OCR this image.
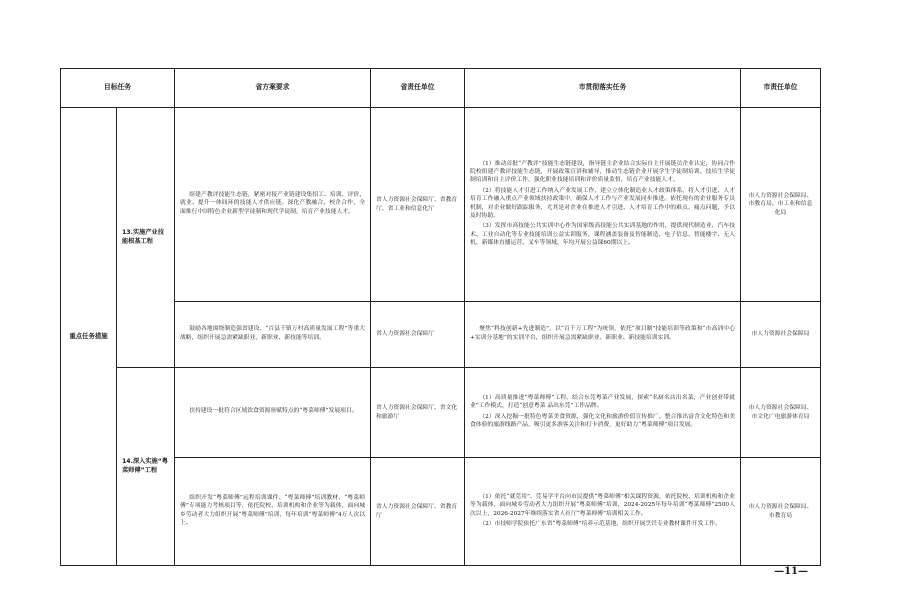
目标任务		省方案要求	省责任单位	市贯彻落实任务	市责任单位
重点任务措施	13.实施产业技能根基工程	组建产教评技能生态链，紧密对接产业链建设集招工、培训、评价、就业、提升一体间环的技能人才供应链。深化产教融合、校企合作，全面推行中国特色企业新型学徒制和现代学徒制，培育产业技能人才。	省人力资源社会保障厅、省教育厅、省工业和信息化厅	（1）推动首批“产教评”技能生态链建设，指导链主企业结合实际自主开展链员企业认定，协同合作院校组建产教评技能生态链，开展政策宣讲和辅导，推动生态链企业开展学生学徒制培训、技培生学徒制培训和自主评价工作，强化职业技能培训和评价质量监督，培育产业技能人才。

（2）将技能人才引进工作纳入产业发展工作，建立立体化制造业人才政策体系，将人才引进、人才培育工作融入重点产业领域扶持政策中，确保人才工作与产业发展同步推进。依托现有的企业服务专员机制，对企业做好跟踪服务，尤其是对企业在推进人才引进、人才培育工作中的难点、痛点问题，予以及时协助。

（3）发挥市高技能公共实训中心作为国家级高技能公共实训基地的作用，提供现代制造业、汽车技术、工业自动化等专业技能培训公益实训服务，课程涵盖装备及智能制造、电子信息、智能楼宇、无人机、新媒体直播运营、叉车等领域，年均开展公益课60期以上。	市人力资源社会保障局、市教育局、市工业和信息化局

		鼓励各地围绕制造强省建设、“百县千镇万村高质量发展工程”等重大战略，组织开展急需紧缺职业、新职业、新技能等培训。	省人力资源社会保障厅	聚焦“科技创新+先进制造”，以“百千万工程”为统领，依托“项目制”技能培训等政策和“市高训中心+实训分基地”的实训平台，组织开展急需紧缺职业、新职业、新技能培训实训。	市人力资源社会保障局
	14.深入实施“粤菜师傅”工程	扶持建设一批符合区域饮食资源禀赋特点的“粤菜师傅”发展项目。	省人力资源社会保障厅、省文化和旅游厅	（1）高质量推进“粤菜师傅”工程。结合东莞粤菜产业发展，探索“名厨名店出名菜，产业创业带就业”工作模式，打造“创意粤菜 品出东莞”工作品牌。

（2）深入挖掘一批特色粤菜美食资源，强化文化和旅游价值宣传推广，整合推出富含文化特色和美食体验的旅游线路产品，吸引更多游客关注和打卡消费，更好助力“粤菜师傅”项目发展。	市人力资源社会保障局、市文化广电旅游体育局

		组织开发“粤菜师傅”远程培训课件、“粤菜师傅”培训教材、“粤菜师傅”专项能力考核项目等，依托院校、培训机构和企业等为载体，面向城乡劳动者大力组织开展“粤菜师傅”培训，每年培训“粤菜师傅”4万人次以上。	省人力资源社会保障厅、省教育厅	（1）依托“就莞用”、莞易学平台向市民提供“粤菜师傅”相关课程资源，依托院校、培训机构和企业等为载体，面向城乡劳动者大力组织开展“粤菜师傅”培训，2024-2025年每年培训“粤菜师傅”2500人次以上，2026-2027年继续落实省人社厅“粤菜师傅”培训相关工作。

（2）市技师学院依托广东省“粤菜师傅”培养示范基地，组织开展烹饪专业教材课件开发工作。	市人力资源社会保障局、市教育局
—11—
